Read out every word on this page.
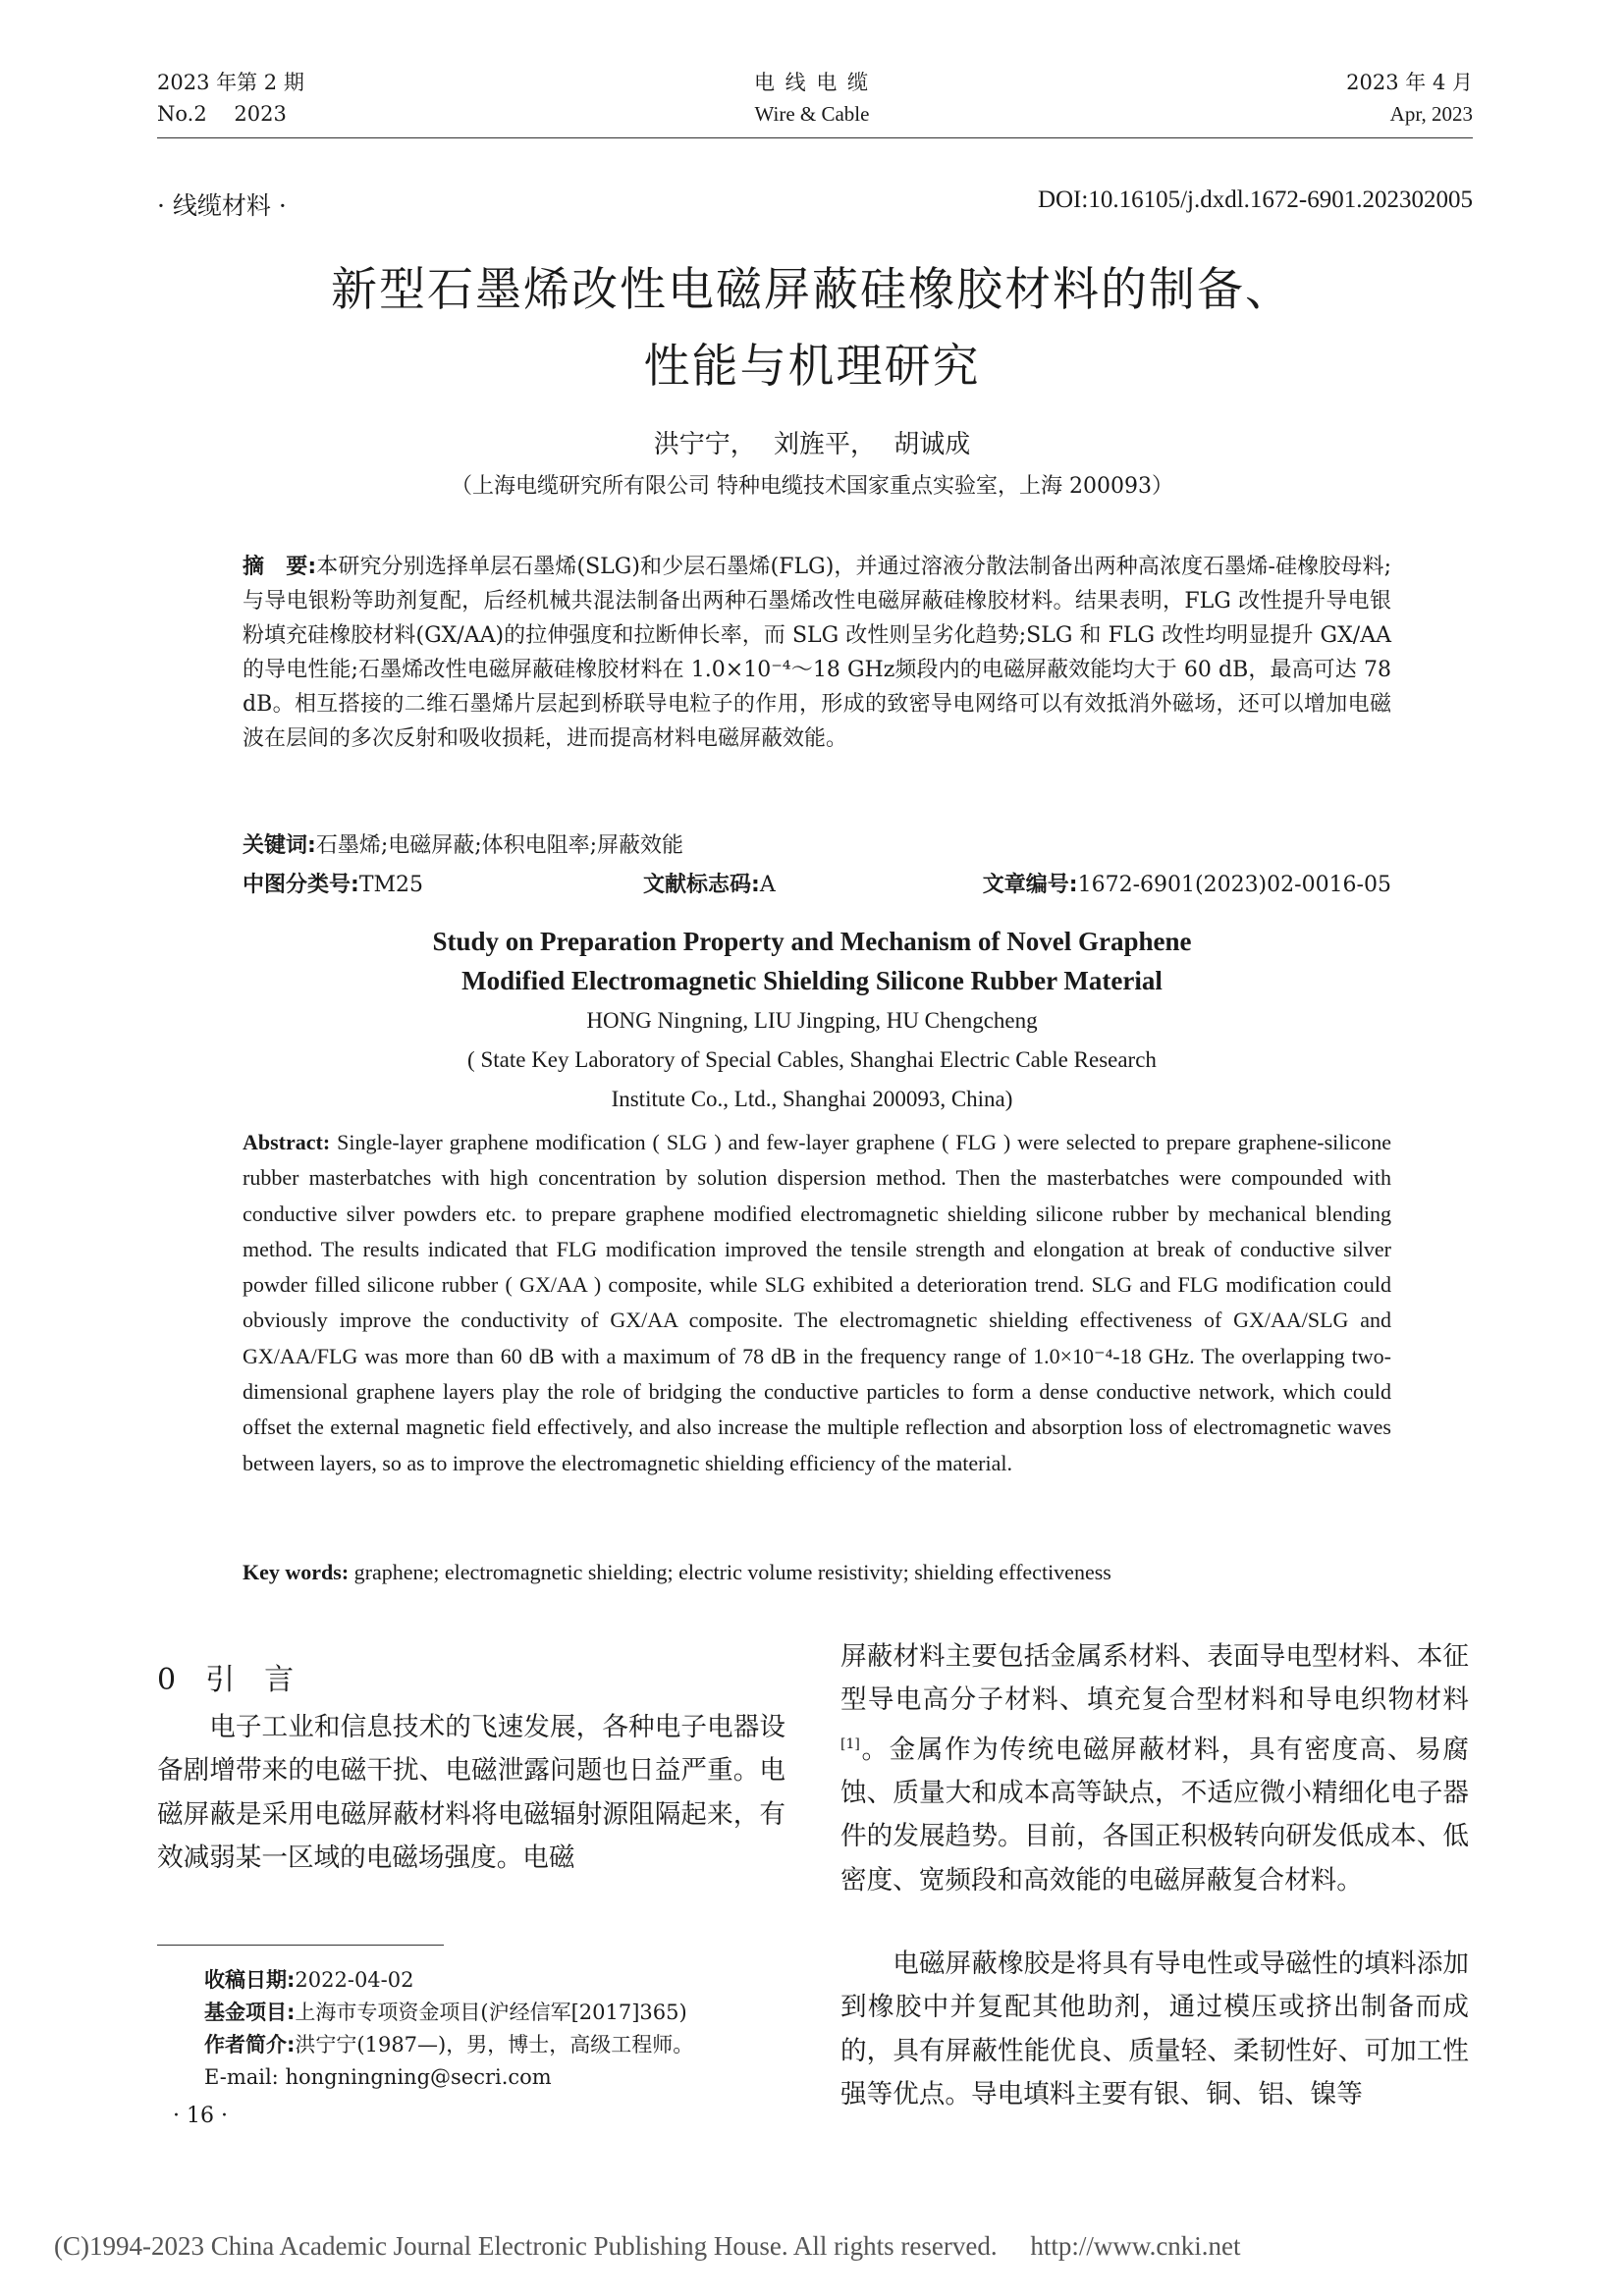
2023 年第 2 期
No.2　 2023
电 线 电 缆
Wire & Cable
2023 年 4 月
Apr, 2023
· 线缆材料 ·	DOI:10.16105/j.dxdl.1672-6901.202302005
新型石墨烯改性电磁屏蔽硅橡胶材料的制备、
性能与机理研究
洪宁宁， 刘旌平， 胡诚成
（上海电缆研究所有限公司 特种电缆技术国家重点实验室，上海 200093）
摘　要:本研究分别选择单层石墨烯(SLG)和少层石墨烯(FLG)，并通过溶液分散法制备出两种高浓度石墨烯-硅橡胶母料;与导电银粉等助剂复配，后经机械共混法制备出两种石墨烯改性电磁屏蔽硅橡胶材料。结果表明，FLG 改性提升导电银粉填充硅橡胶材料(GX/AA)的拉伸强度和拉断伸长率，而 SLG 改性则呈劣化趋势;SLG 和 FLG 改性均明显提升 GX/AA 的导电性能;石墨烯改性电磁屏蔽硅橡胶材料在 1.0×10⁻⁴～18 GHz频段内的电磁屏蔽效能均大于 60 dB，最高可达 78 dB。相互搭接的二维石墨烯片层起到桥联导电粒子的作用，形成的致密导电网络可以有效抵消外磁场，还可以增加电磁波在层间的多次反射和吸收损耗，进而提高材料电磁屏蔽效能。
关键词:石墨烯;电磁屏蔽;体积电阻率;屏蔽效能
中图分类号:TM25	文献标志码:A	文章编号:1672-6901(2023)02-0016-05
Study on Preparation Property and Mechanism of Novel Graphene
Modified Electromagnetic Shielding Silicone Rubber Material
HONG Ningning, LIU Jingping, HU Chengcheng
( State Key Laboratory of Special Cables, Shanghai Electric Cable Research
Institute Co., Ltd., Shanghai 200093, China)
Abstract: Single-layer graphene modification ( SLG ) and few-layer graphene ( FLG ) were selected to prepare graphene-silicone rubber masterbatches with high concentration by solution dispersion method. Then the masterbatches were compounded with conductive silver powders etc. to prepare graphene modified electromagnetic shielding silicone rubber by mechanical blending method. The results indicated that FLG modification improved the tensile strength and elongation at break of conductive silver powder filled silicone rubber ( GX/AA ) composite, while SLG exhibited a deterioration trend. SLG and FLG modification could obviously improve the conductivity of GX/AA composite. The electromagnetic shielding effectiveness of GX/AA/SLG and GX/AA/FLG was more than 60 dB with a maximum of 78 dB in the frequency range of 1.0×10⁻⁴-18 GHz. The overlapping two-dimensional graphene layers play the role of bridging the conductive particles to form a dense conductive network, which could offset the external magnetic field effectively, and also increase the multiple reflection and absorption loss of electromagnetic waves between layers, so as to improve the electromagnetic shielding efficiency of the material.
Key words: graphene; electromagnetic shielding; electric volume resistivity; shielding effectiveness
0　引　言
电子工业和信息技术的飞速发展，各种电子电器设备剧增带来的电磁干扰、电磁泄露问题也日益严重。电磁屏蔽是采用电磁屏蔽材料将电磁辐射源阻隔起来，有效减弱某一区域的电磁场强度。电磁
屏蔽材料主要包括金属系材料、表面导电型材料、本征型导电高分子材料、填充复合型材料和导电织物材料[1]。金属作为传统电磁屏蔽材料，具有密度高、易腐蚀、质量大和成本高等缺点，不适应微小精细化电子器件的发展趋势。目前，各国正积极转向研发低成本、低密度、宽频段和高效能的电磁屏蔽复合材料。
电磁屏蔽橡胶是将具有导电性或导磁性的填料添加到橡胶中并复配其他助剂，通过模压或挤出制备而成的，具有屏蔽性能优良、质量轻、柔韧性好、可加工性强等优点。导电填料主要有银、铜、铝、镍等
收稿日期:2022-04-02
基金项目:上海市专项资金项目(沪经信军[2017]365)
作者简介:洪宁宁(1987—)，男，博士，高级工程师。
E-mail: hongningning@secri.com
· 16 ·
(C)1994-2023 China Academic Journal Electronic Publishing House. All rights reserved.　 http://www.cnki.net
